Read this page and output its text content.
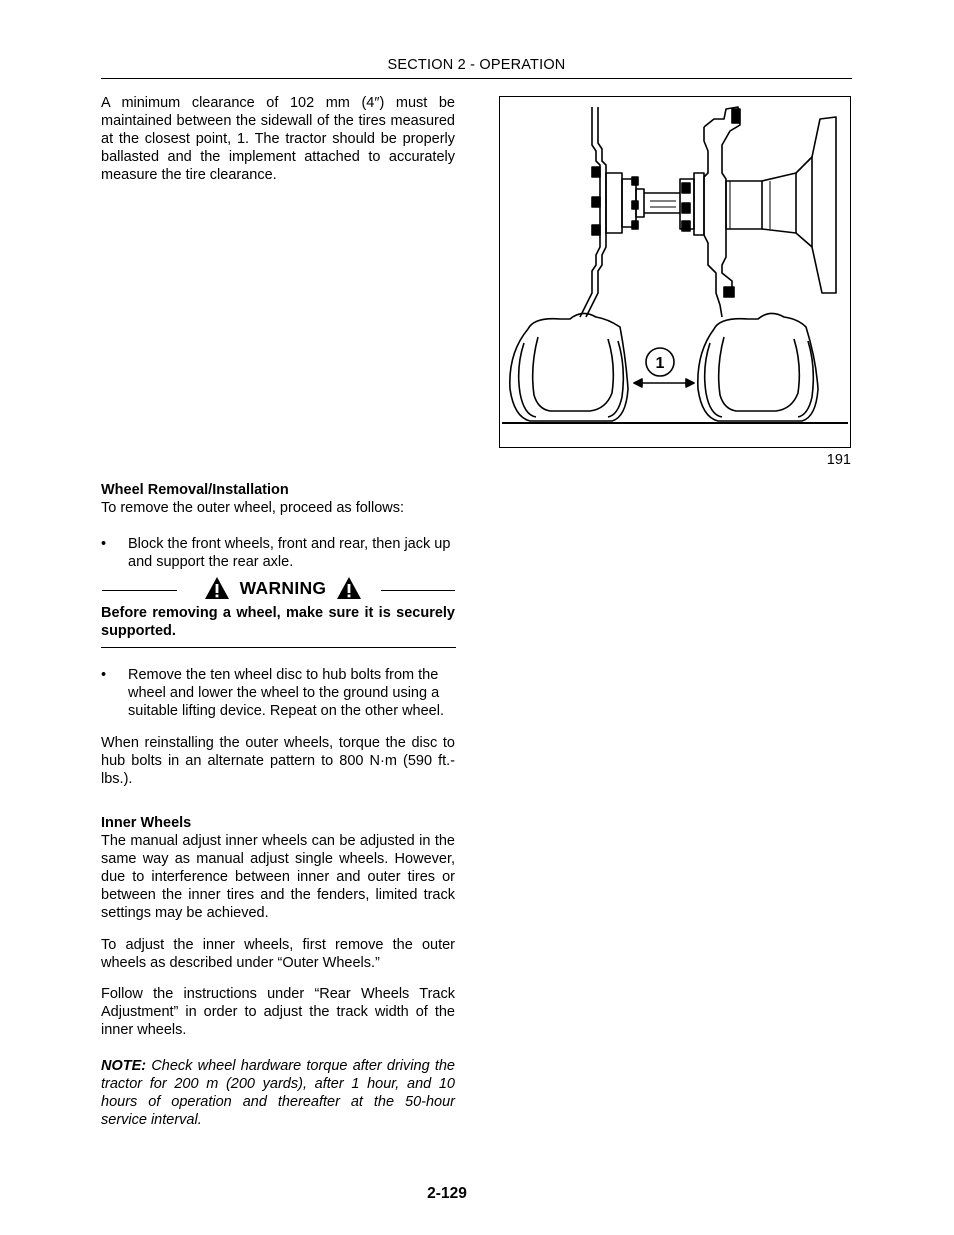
SECTION 2 - OPERATION
A minimum clearance of 102 mm (4″) must be maintained between the sidewall of the tires measured at the closest point, 1. The tractor should be properly ballasted and the implement attached to accurately measure the tire clearance.
1
191
Wheel Removal/Installation
To remove the outer wheel, proceed as follows:
• Block the front wheels, front and rear, then jack up and support the rear axle.
WARNING
Before removing a wheel, make sure it is securely supported.
• Remove the ten wheel disc to hub bolts from the wheel and lower the wheel to the ground using a suitable lifting device. Repeat on the other wheel.
When reinstalling the outer wheels, torque the disc to hub bolts in an alternate pattern to 800 N·m (590 ft.-lbs.).
Inner Wheels
The manual adjust inner wheels can be adjusted in the same way as manual adjust single wheels. However, due to interference between inner and outer tires or between the inner tires and the fenders, limited track settings may be achieved.
To adjust the inner wheels, first remove the outer wheels as described under “Outer Wheels.”
Follow the instructions under “Rear Wheels Track Adjustment” in order to adjust the track width of the inner wheels.
NOTE: Check wheel hardware torque after driving the tractor for 200 m (200 yards), after 1 hour, and 10 hours of operation and thereafter at the 50-hour service interval.
2-129
